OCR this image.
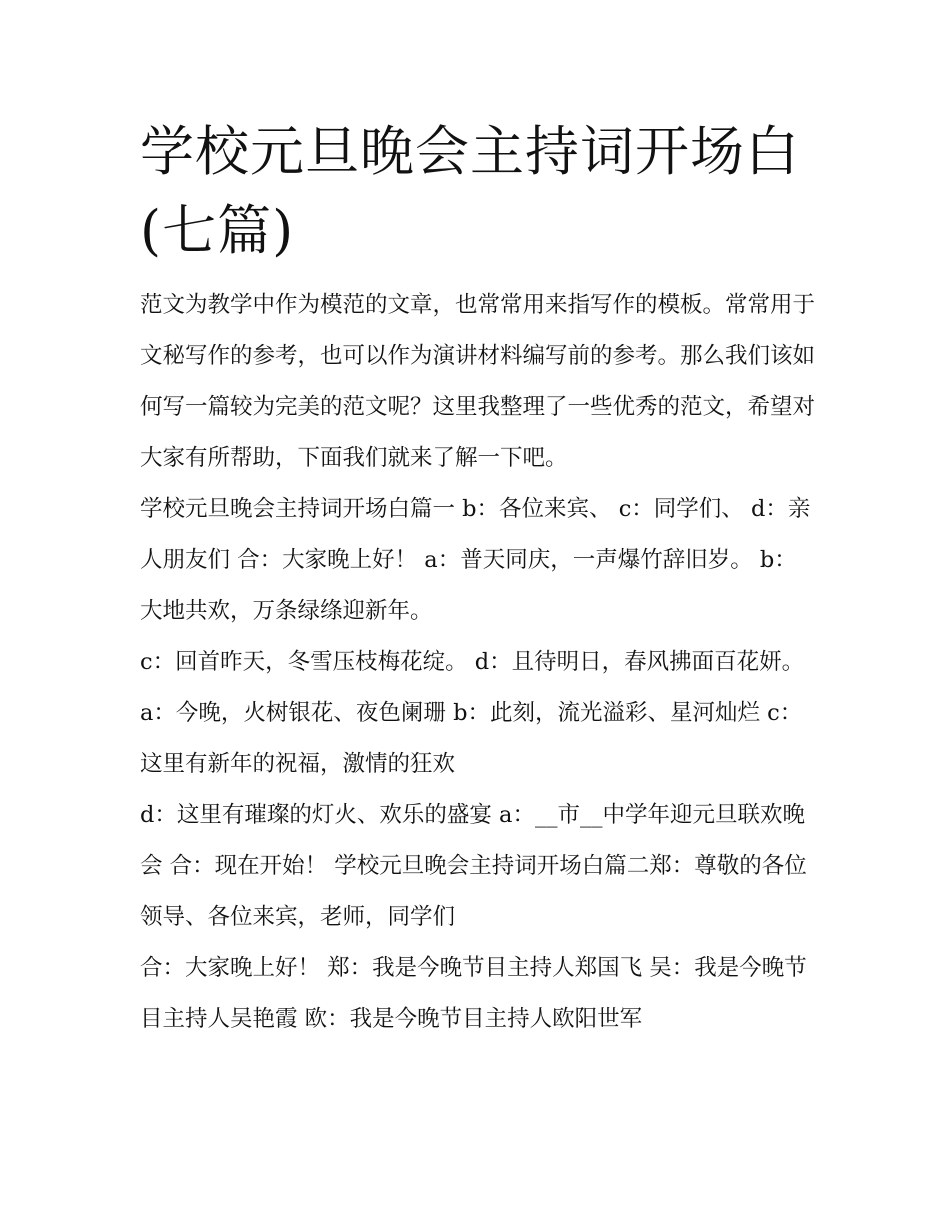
学校元旦晚会主持词开场白(七篇)

范文为教学中作为模范的文章，也常常用来指写作的模板。常常用于文秘写作的参考，也可以作为演讲材料编写前的参考。那么我们该如何写一篇较为完美的范文呢？这里我整理了一些优秀的范文，希望对大家有所帮助，下面我们就来了解一下吧。

学校元旦晚会主持词开场白篇一 b：各位来宾、 c：同学们、 d：亲人朋友们 合：大家晚上好！ a：普天同庆，一声爆竹辞旧岁。 b：大地共欢，万条绿绦迎新年。

c：回首昨天，冬雪压枝梅花绽。 d：且待明日，春风拂面百花妍。 a：今晚，火树银花、夜色阑珊 b：此刻，流光溢彩、星河灿烂 c：这里有新年的祝福，激情的狂欢

d：这里有璀璨的灯火、欢乐的盛宴 a：__市__中学年迎元旦联欢晚会 合：现在开始！ 学校元旦晚会主持词开场白篇二郑：尊敬的各位领导、各位来宾，老师，同学们

合：大家晚上好！ 郑：我是今晚节目主持人郑国飞 吴：我是今晚节目主持人吴艳霞 欧：我是今晚节目主持人欧阳世军
